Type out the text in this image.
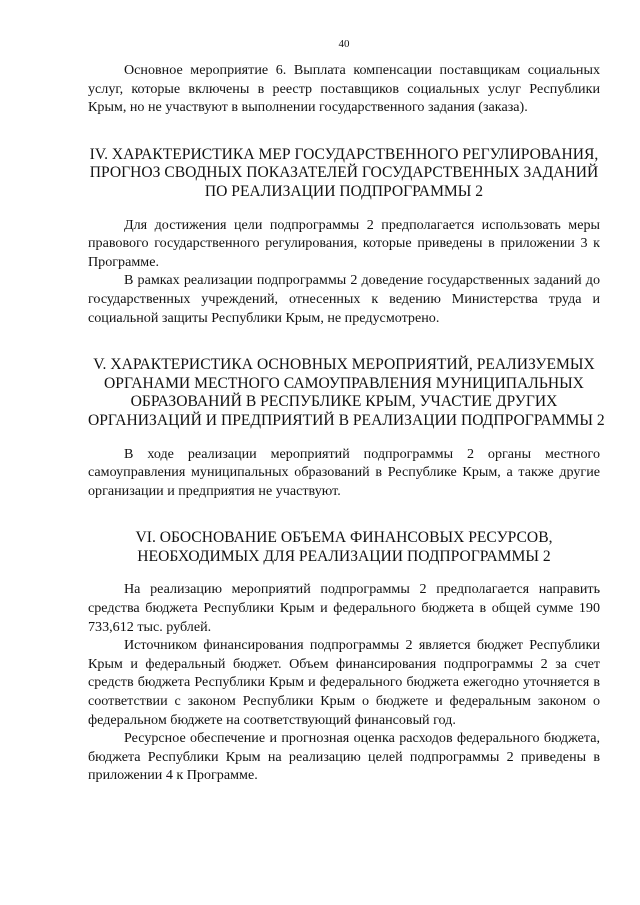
40

Основное мероприятие 6. Выплата компенсации поставщикам социальных услуг, которые включены в реестр поставщиков социальных услуг Республики Крым, но не участвуют в выполнении государственного задания (заказа).

IV. ХАРАКТЕРИСТИКА МЕР ГОСУДАРСТВЕННОГО РЕГУЛИРОВАНИЯ,
ПРОГНОЗ СВОДНЫХ ПОКАЗАТЕЛЕЙ ГОСУДАРСТВЕННЫХ ЗАДАНИЙ
ПО РЕАЛИЗАЦИИ ПОДПРОГРАММЫ 2

Для достижения цели подпрограммы 2 предполагается использовать меры правового государственного регулирования, которые приведены в приложении 3 к Программе.

В рамках реализации подпрограммы 2 доведение государственных заданий до государственных учреждений, отнесенных к ведению Министерства труда и социальной защиты Республики Крым, не предусмотрено.

V. ХАРАКТЕРИСТИКА ОСНОВНЫХ МЕРОПРИЯТИЙ, РЕАЛИЗУЕМЫХ
ОРГАНАМИ МЕСТНОГО САМОУПРАВЛЕНИЯ МУНИЦИПАЛЬНЫХ
ОБРАЗОВАНИЙ В РЕСПУБЛИКЕ КРЫМ, УЧАСТИЕ ДРУГИХ
ОРГАНИЗАЦИЙ И ПРЕДПРИЯТИЙ В РЕАЛИЗАЦИИ ПОДПРОГРАММЫ 2

В ходе реализации мероприятий подпрограммы 2 органы местного самоуправления муниципальных образований в Республике Крым, а также другие организации и предприятия не участвуют.

VI. ОБОСНОВАНИЕ ОБЪЕМА ФИНАНСОВЫХ РЕСУРСОВ,
НЕОБХОДИМЫХ ДЛЯ РЕАЛИЗАЦИИ ПОДПРОГРАММЫ 2

На реализацию мероприятий подпрограммы 2 предполагается направить средства бюджета Республики Крым и федерального бюджета в общей сумме 190 733,612 тыс. рублей.

Источником финансирования подпрограммы 2 является бюджет Республики Крым и федеральный бюджет. Объем финансирования подпрограммы 2 за счет средств бюджета Республики Крым и федерального бюджета ежегодно уточняется в соответствии с законом Республики Крым о бюджете и федеральным законом о федеральном бюджете на соответствующий финансовый год.

Ресурсное обеспечение и прогнозная оценка расходов федерального бюджета, бюджета Республики Крым на реализацию целей подпрограммы 2 приведены в приложении 4 к Программе.
